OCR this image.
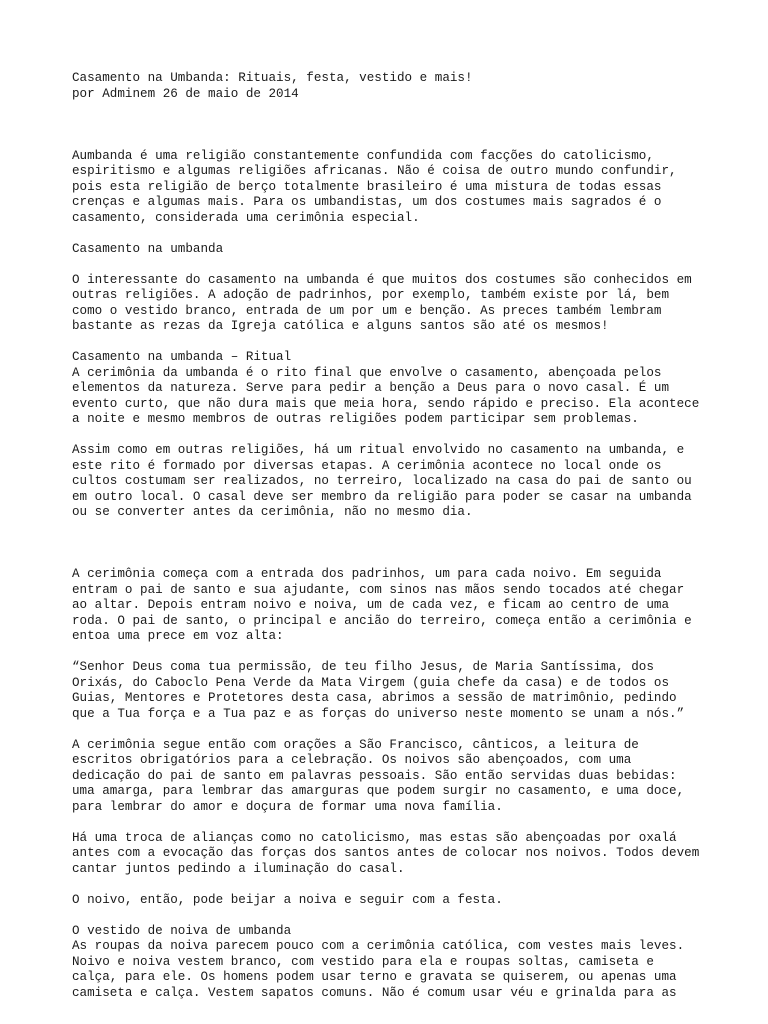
Casamento na Umbanda: Rituais, festa, vestido e mais!
por Adminem 26 de maio de 2014
Aumbanda é uma religião constantemente confundida com facções do catolicismo,
espiritismo e algumas religiões africanas. Não é coisa de outro mundo confundir,
pois esta religião de berço totalmente brasileiro é uma mistura de todas essas
crenças e algumas mais. Para os umbandistas, um dos costumes mais sagrados é o
casamento, considerada uma cerimônia especial.
Casamento na umbanda
O interessante do casamento na umbanda é que muitos dos costumes são conhecidos em
outras religiões. A adoção de padrinhos, por exemplo, também existe por lá, bem
como o vestido branco, entrada de um por um e benção. As preces também lembram
bastante as rezas da Igreja católica e alguns santos são até os mesmos!
Casamento na umbanda – Ritual
A cerimônia da umbanda é o rito final que envolve o casamento, abençoada pelos
elementos da natureza. Serve para pedir a benção a Deus para o novo casal. É um
evento curto, que não dura mais que meia hora, sendo rápido e preciso. Ela acontece
a noite e mesmo membros de outras religiões podem participar sem problemas.
Assim como em outras religiões, há um ritual envolvido no casamento na umbanda, e
este rito é formado por diversas etapas. A cerimônia acontece no local onde os
cultos costumam ser realizados, no terreiro, localizado na casa do pai de santo ou
em outro local. O casal deve ser membro da religião para poder se casar na umbanda
ou se converter antes da cerimônia, não no mesmo dia.
A cerimônia começa com a entrada dos padrinhos, um para cada noivo. Em seguida
entram o pai de santo e sua ajudante, com sinos nas mãos sendo tocados até chegar
ao altar. Depois entram noivo e noiva, um de cada vez, e ficam ao centro de uma
roda. O pai de santo, o principal e ancião do terreiro, começa então a cerimônia e
entoa uma prece em voz alta:
“Senhor Deus coma tua permissão, de teu filho Jesus, de Maria Santíssima, dos
Orixás, do Caboclo Pena Verde da Mata Virgem (guia chefe da casa) e de todos os
Guias, Mentores e Protetores desta casa, abrimos a sessão de matrimônio, pedindo
que a Tua força e a Tua paz e as forças do universo neste momento se unam a nós.”
A cerimônia segue então com orações a São Francisco, cânticos, a leitura de
escritos obrigatórios para a celebração. Os noivos são abençoados, com uma
dedicação do pai de santo em palavras pessoais. São então servidas duas bebidas:
uma amarga, para lembrar das amarguras que podem surgir no casamento, e uma doce,
para lembrar do amor e doçura de formar uma nova família.
Há uma troca de alianças como no catolicismo, mas estas são abençoadas por oxalá
antes com a evocação das forças dos santos antes de colocar nos noivos. Todos devem
cantar juntos pedindo a iluminação do casal.
O noivo, então, pode beijar a noiva e seguir com a festa.
O vestido de noiva de umbanda
As roupas da noiva parecem pouco com a cerimônia católica, com vestes mais leves.
Noivo e noiva vestem branco, com vestido para ela e roupas soltas, camiseta e
calça, para ele. Os homens podem usar terno e gravata se quiserem, ou apenas uma
camiseta e calça. Vestem sapatos comuns. Não é comum usar véu e grinalda para as
